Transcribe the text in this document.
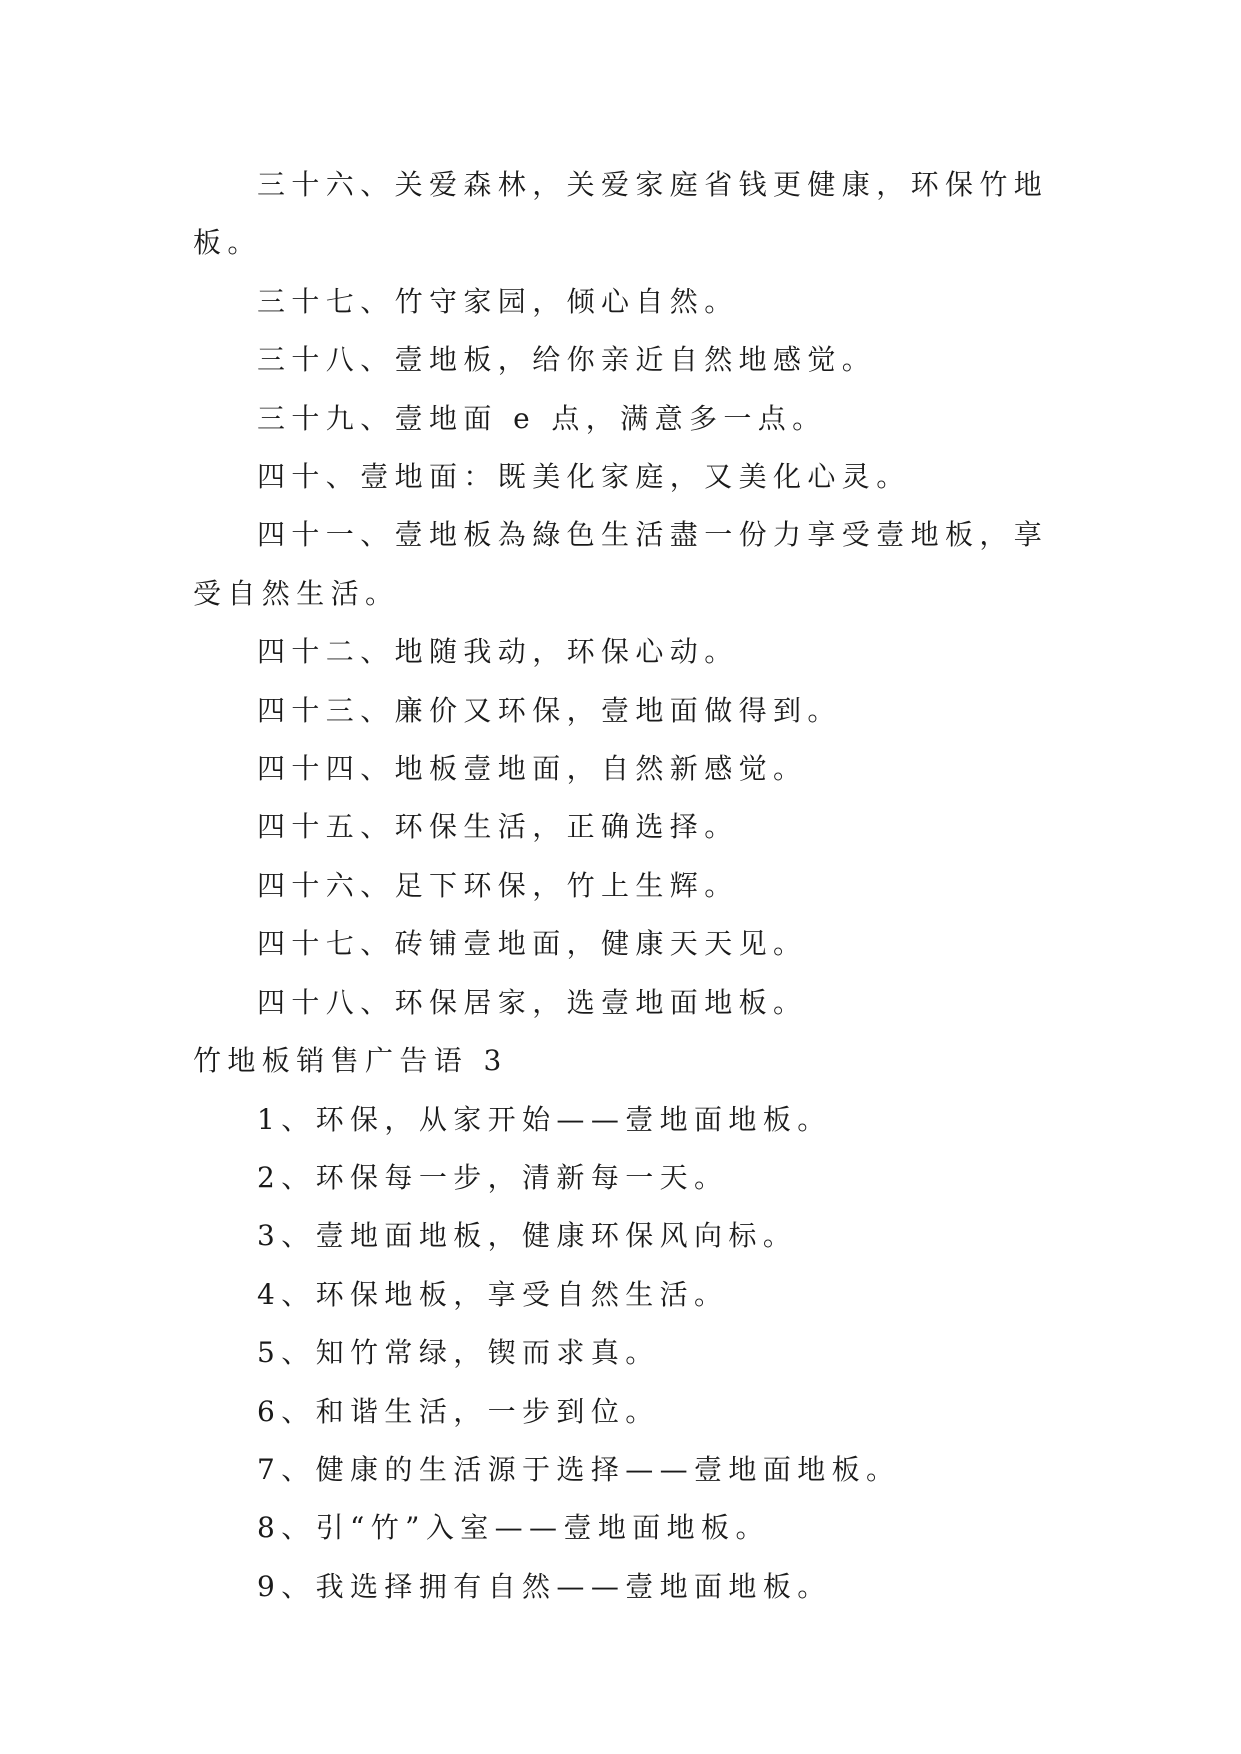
三十六、关爱森林，关爱家庭省钱更健康，环保竹地板。

三十七、竹守家园，倾心自然。

三十八、壹地板，给你亲近自然地感觉。

三十九、壹地面 e 点，满意多一点。

四十、壹地面：既美化家庭，又美化心灵。

四十一、壹地板為綠色生活盡一份力享受壹地板，享受自然生活。

四十二、地随我动，环保心动。

四十三、廉价又环保，壹地面做得到。

四十四、地板壹地面，自然新感觉。

四十五、环保生活，正确选择。

四十六、足下环保，竹上生辉。

四十七、砖铺壹地面，健康天天见。

四十八、环保居家，选壹地面地板。

竹地板销售广告语 3

1、环保，从家开始——壹地面地板。

2、环保每一步，清新每一天。

3、壹地面地板，健康环保风向标。

4、环保地板，享受自然生活。

5、知竹常绿，锲而求真。

6、和谐生活，一步到位。

7、健康的生活源于选择——壹地面地板。

8、引“竹”入室——壹地面地板。

9、我选择拥有自然——壹地面地板。
